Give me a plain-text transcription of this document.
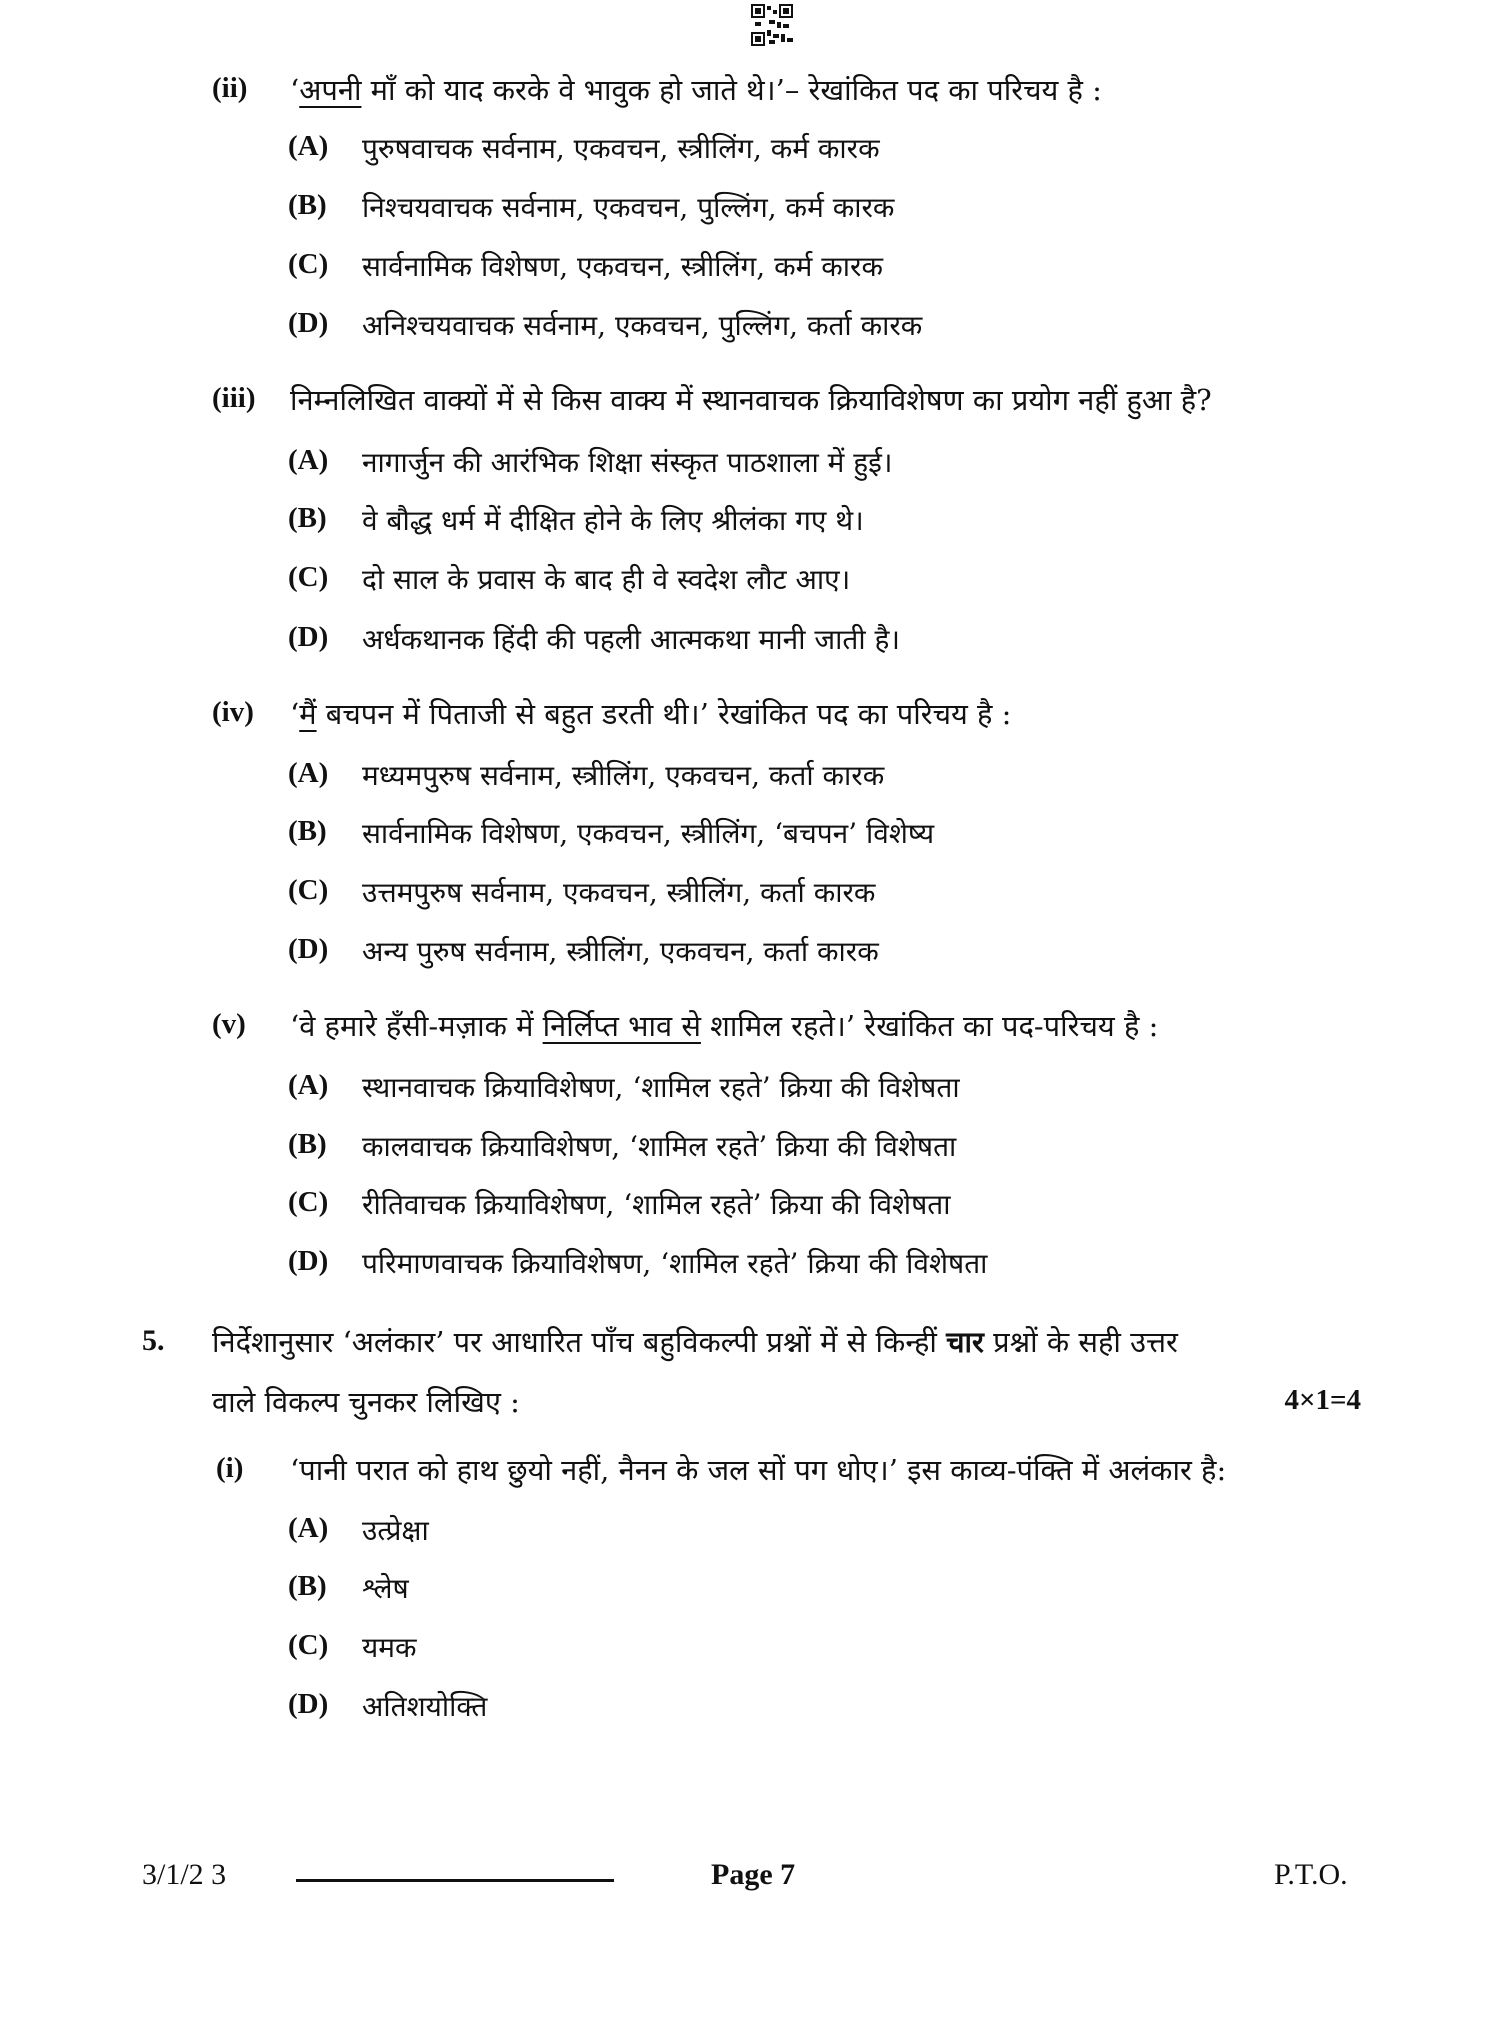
(ii) ‘अपनी माँ को याद करके वे भावुक हो जाते थे।’– रेखांकित पद का परिचय है :
(A) पुरुषवाचक सर्वनाम, एकवचन, स्त्रीलिंग, कर्म कारक
(B) निश्चयवाचक सर्वनाम, एकवचन, पुल्लिंग, कर्म कारक
(C) सार्वनामिक विशेषण, एकवचन, स्त्रीलिंग, कर्म कारक
(D) अनिश्चयवाचक सर्वनाम, एकवचन, पुल्लिंग, कर्ता कारक
(iii) निम्नलिखित वाक्यों में से किस वाक्य में स्थानवाचक क्रियाविशेषण का प्रयोग नहीं हुआ है?
(A) नागार्जुन की आरंभिक शिक्षा संस्कृत पाठशाला में हुई।
(B) वे बौद्ध धर्म में दीक्षित होने के लिए श्रीलंका गए थे।
(C) दो साल के प्रवास के बाद ही वे स्वदेश लौट आए।
(D) अर्धकथानक हिंदी की पहली आत्मकथा मानी जाती है।
(iv) ‘मैं बचपन में पिताजी से बहुत डरती थी।’ रेखांकित पद का परिचय है :
(A) मध्यमपुरुष सर्वनाम, स्त्रीलिंग, एकवचन, कर्ता कारक
(B) सार्वनामिक विशेषण, एकवचन, स्त्रीलिंग, ‘बचपन’ विशेष्य
(C) उत्तमपुरुष सर्वनाम, एकवचन, स्त्रीलिंग, कर्ता कारक
(D) अन्य पुरुष सर्वनाम, स्त्रीलिंग, एकवचन, कर्ता कारक
(v) ‘वे हमारे हँसी-मज़ाक में निर्लिप्त भाव से शामिल रहते।’ रेखांकित का पद-परिचय है :
(A) स्थानवाचक क्रियाविशेषण, ‘शामिल रहते’ क्रिया की विशेषता
(B) कालवाचक क्रियाविशेषण, ‘शामिल रहते’ क्रिया की विशेषता
(C) रीतिवाचक क्रियाविशेषण, ‘शामिल रहते’ क्रिया की विशेषता
(D) परिमाणवाचक क्रियाविशेषण, ‘शामिल रहते’ क्रिया की विशेषता
5. निर्देशानुसार ‘अलंकार’ पर आधारित पाँच बहुविकल्पी प्रश्नों में से किन्हीं चार प्रश्नों के सही उत्तर
वाले विकल्प चुनकर लिखिए :	4×1=4
(i) ‘पानी परात को हाथ छुयो नहीं, नैनन के जल सों पग धोए।’ इस काव्य-पंक्ति में अलंकार है:
(A) उत्प्रेक्षा
(B) श्लेष
(C) यमक
(D) अतिशयोक्ति
3/1/2 3	Page 7	P.T.O.
